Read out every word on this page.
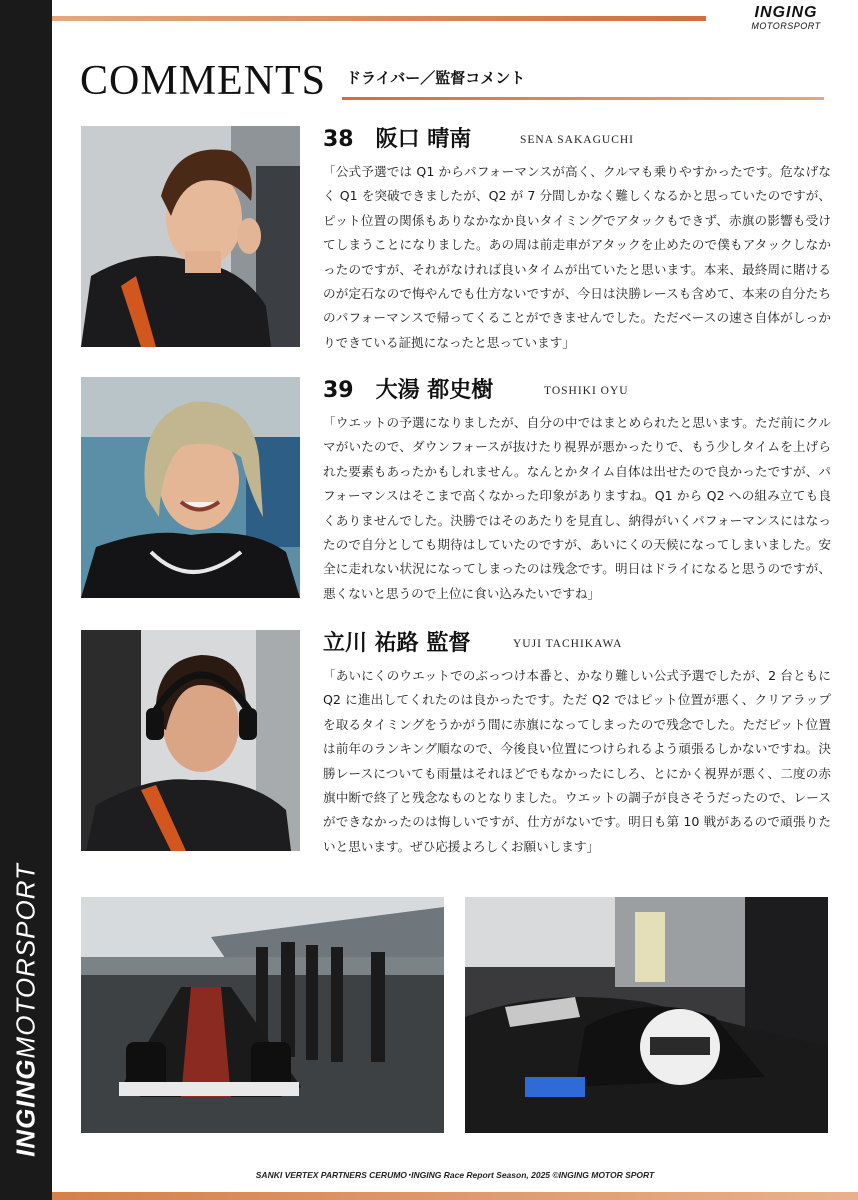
INGINGMOTORSPORT
INGING
MOTORSPORT
COMMENTS ドライバー／監督コメント
38 阪口 晴南	SENA SAKAGUCHI

「公式予選では Q1 からパフォーマンスが高く、クルマも乗りやすかったです。危なげなく Q1 を突破できましたが、Q2 が 7 分間しかなく難しくなるかと思っていたのですが、ピット位置の関係もありなかなか良いタイミングでアタックもできず、赤旗の影響も受けてしまうことになりました。あの周は前走車がアタックを止めたので僕もアタックしなかったのですが、それがなければ良いタイムが出ていたと思います。本来、最終周に賭けるのが定石なので悔やんでも仕方ないですが、今日は決勝レースも含めて、本来の自分たちのパフォーマンスで帰ってくることができませんでした。ただベースの速さ自体がしっかりできている証拠になったと思っています」

39 大湯 都史樹	TOSHIKI OYU

「ウエットの予選になりましたが、自分の中ではまとめられたと思います。ただ前にクルマがいたので、ダウンフォースが抜けたり視界が悪かったりで、もう少しタイムを上げられた要素もあったかもしれません。なんとかタイム自体は出せたので良かったですが、パフォーマンスはそこまで高くなかった印象がありますね。Q1 から Q2 への組み立ても良くありませんでした。決勝ではそのあたりを見直し、納得がいくパフォーマンスにはなったので自分としても期待はしていたのですが、あいにくの天候になってしまいました。安全に走れない状況になってしまったのは残念です。明日はドライになると思うのですが、悪くないと思うので上位に食い込みたいですね」

立川 祐路 監督	YUJI TACHIKAWA

「あいにくのウエットでのぶっつけ本番と、かなり難しい公式予選でしたが、2 台ともに Q2 に進出してくれたのは良かったです。ただ Q2 ではピット位置が悪く、クリアラップを取るタイミングをうかがう間に赤旗になってしまったので残念でした。ただピット位置は前年のランキング順なので、今後良い位置につけられるよう頑張るしかないですね。決勝レースについても雨量はそれほどでもなかったにしろ、とにかく視界が悪く、二度の赤旗中断で終了と残念なものとなりました。ウエットの調子が良さそうだったので、レースができなかったのは悔しいですが、仕方がないです。明日も第 10 戦があるので頑張りたいと思います。ぜひ応援よろしくお願いします」

SANKI VERTEX PARTNERS CERUMO･INGING Race Report Season, 2025 ©INGING MOTOR SPORT
